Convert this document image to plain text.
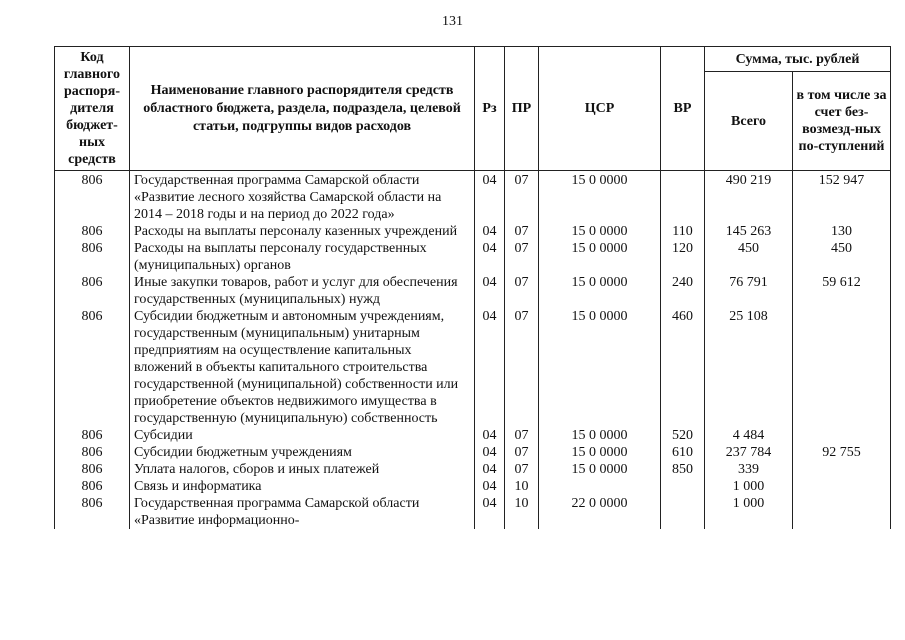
131
Код главного распоря-дителя бюджет-ных средств	Наименование главного распорядителя средств областного бюджета, раздела, подраздела, целевой статьи, подгруппы видов расходов	Рз	ПР	ЦСР	ВР	Сумма, тыс. рублей	
						Всего	в том числе за счет без-возмезд-ных по-ступлений
806	Государственная программа Самарской области «Развитие лесного хозяйства Самарской области на 2014 – 2018 годы и на период до 2022 года»	04	07	15 0 0000		490 219	152 947
806	Расходы на выплаты персоналу казенных учреждений	04	07	15 0 0000	110	145 263	130
806	Расходы на выплаты персоналу государственных (муниципальных) органов	04	07	15 0 0000	120	450	450
806	Иные закупки товаров, работ и услуг для обеспечения государственных (муниципальных) нужд	04	07	15 0 0000	240	76 791	59 612
806	Субсидии бюджетным и автономным учреждениям, государственным (муниципальным) унитарным предприятиям на осуществление капитальных вложений в объекты капитального строительства государственной (муниципальной) собственности или приобретение объектов недвижимого имущества в государственную (муниципальную) собственность	04	07	15 0 0000	460	25 108	
806	Субсидии	04	07	15 0 0000	520	4 484	
806	Субсидии бюджетным учреждениям	04	07	15 0 0000	610	237 784	92 755
806	Уплата налогов, сборов и иных платежей	04	07	15 0 0000	850	339	
806	Связь и информатика	04	10			1 000	
806	Государственная программа Самарской области «Развитие информационно-	04	10	22 0 0000		1 000	
